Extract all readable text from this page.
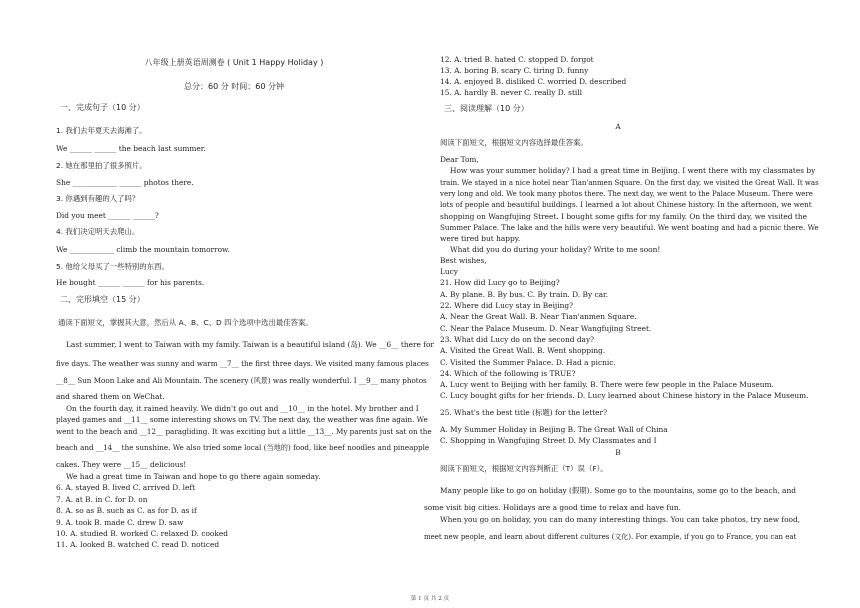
八年级上册英语周测卷 ( Unit 1 Happy Holiday )
总分：60 分 时间：60 分钟
一、完成句子（10 分）
1. 我们去年夏天去海滩了。
We ______ ______ the beach last summer.
2. 她在那里拍了很多照片。
She ____________ ______ photos there.
3. 你遇到有趣的人了吗？
Did you meet ______ ______?
4. 我们决定明天去爬山。
We ____________ climb the mountain tomorrow.
5. 他给父母买了一些特别的东西。
He bought ______ ______ for his parents.
二、完形填空（15 分）
通读下面短文，掌握其大意，然后从 A、B、C、D 四个选项中选出最佳答案。
Last summer, I went to Taiwan with my family. Taiwan is a beautiful island (岛). We __6__ there for
five days. The weather was sunny and warm __7__ the first three days. We visited many famous places
__8__ Sun Moon Lake and Ali Mountain. The scenery (风景) was really wonderful. I __9__ many photos
and shared them on WeChat.
On the fourth day, it rained heavily. We didn't go out and __10__ in the hotel. My brother and I
played games and __11__ some interesting shows on TV. The next day, the weather was fine again. We
went to the beach and __12__ paragliding. It was exciting but a little __13__. My parents just sat on the
beach and __14__ the sunshine. We also tried some local (当地的) food, like beef noodles and pineapple
cakes. They were __15__ delicious!
We had a great time in Taiwan and hope to go there again someday.
6. A. stayed B. lived C. arrived D. left
7. A. at B. in C. for D. on
8. A. so as B. such as C. as for D. as if
9. A. took B. made C. drew D. saw
10. A. studied B. worked C. relaxed D. cooked
11. A. looked B. watched C. read D. noticed
12. A. tried B. hated C. stopped D. forgot
13. A. boring B. scary C. tiring D. funny
14. A. enjoyed B. disliked C. worried D. described
15. A. hardly B. never C. really D. still
三、阅读理解（10 分）
A
阅读下面短文，根据短文内容选择最佳答案。
Dear Tom,
How was your summer holiday? I had a great time in Beijing. I went there with my classmates by
train. We stayed in a nice hotel near Tian'anmen Square. On the first day, we visited the Great Wall. It was
very long and old. We took many photos there. The next day, we went to the Palace Museum. There were
lots of people and beautiful buildings. I learned a lot about Chinese history. In the afternoon, we went
shopping on Wangfujing Street. I bought some gifts for my family. On the third day, we visited the
Summer Palace. The lake and the hills were very beautiful. We went boating and had a picnic there. We
were tired but happy.
What did you do during your holiday? Write to me soon!
Best wishes,
Lucy
21. How did Lucy go to Beijing?
A. By plane. B. By bus. C. By train. D. By car.
22. Where did Lucy stay in Beijing?
A. Near the Great Wall. B. Near Tian'anmen Square.
C. Near the Palace Museum. D. Near Wangfujing Street.
23. What did Lucy do on the second day?
A. Visited the Great Wall. B. Went shopping.
C. Visited the Summer Palace. D. Had a picnic.
24. Which of the following is TRUE?
A. Lucy went to Beijing with her family. B. There were few people in the Palace Museum.
C. Lucy bought gifts for her friends. D. Lucy learned about Chinese history in the Palace Museum.
25. What's the best title (标题) for the letter?
A. My Summer Holiday in Beijing B. The Great Wall of China
C. Shopping in Wangfujing Street D. My Classmates and I
B
阅读下面短文，根据短文内容判断正（T）误（F）。
Many people like to go on holiday (假期). Some go to the mountains, some go to the beach, and
some visit big cities. Holidays are a good time to relax and have fun.
When you go on holiday, you can do many interesting things. You can take photos, try new food,
meet new people, and learn about different cultures (文化). For example, if you go to France, you can eat
第 1 页 共 2 页
